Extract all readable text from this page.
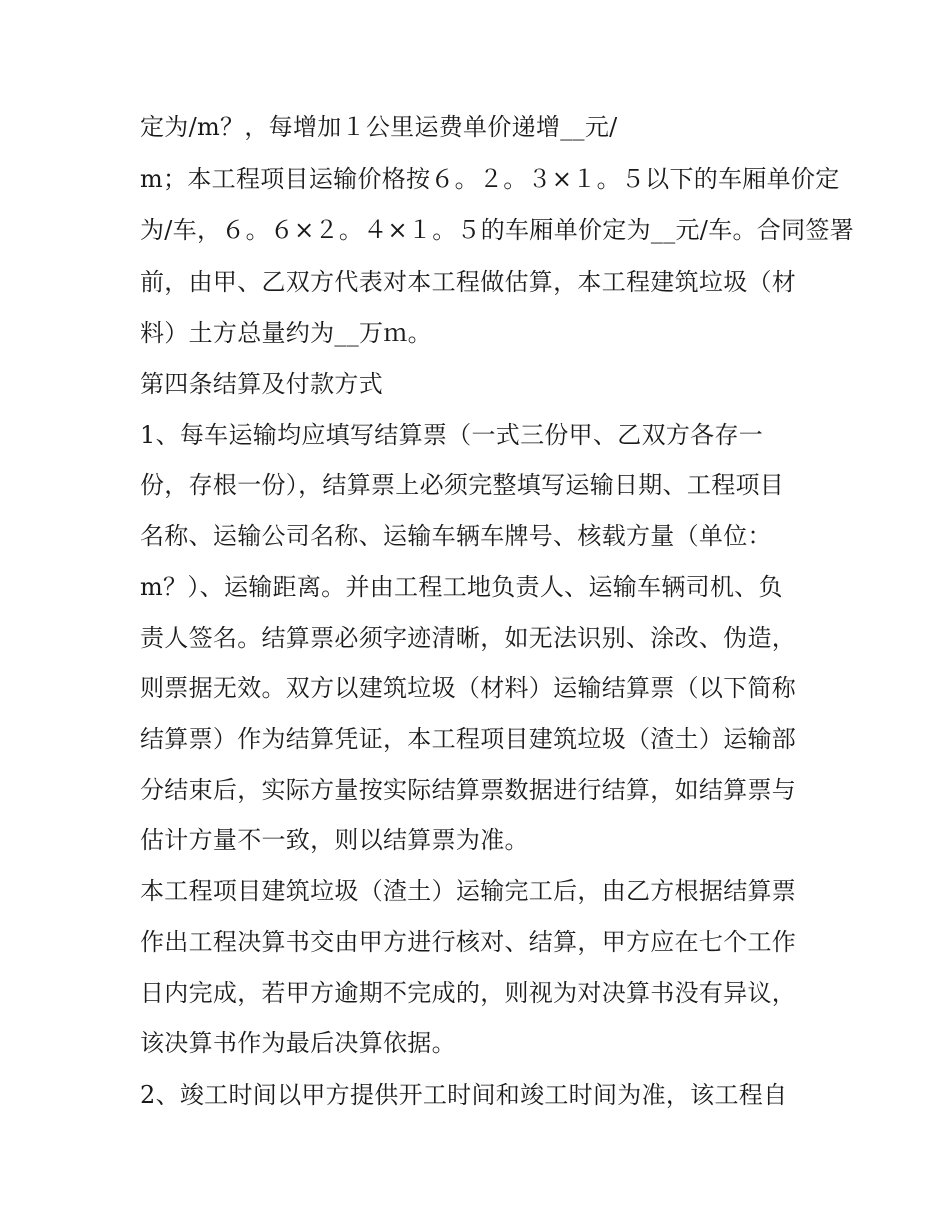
定为/m？，每增加１公里运费单价递增__元/
m；本工程项目运输价格按６。２。３×１。５以下的车厢单价定
为/车，６。６×２。４×１。５的车厢单价定为__元/车。合同签署
前，由甲、乙双方代表对本工程做估算，本工程建筑垃圾（材
料）土方总量约为__万ｍ。
第四条结算及付款方式
1、每车运输均应填写结算票（一式三份甲、乙双方各存一
份，存根一份），结算票上必须完整填写运输日期、工程项目
名称、运输公司名称、运输车辆车牌号、核载方量（单位：
m？）、运输距离。并由工程工地负责人、运输车辆司机、负
责人签名。结算票必须字迹清晰，如无法识别、涂改、伪造，
则票据无效。双方以建筑垃圾（材料）运输结算票（以下简称
结算票）作为结算凭证，本工程项目建筑垃圾（渣土）运输部
分结束后，实际方量按实际结算票数据进行结算，如结算票与
估计方量不一致，则以结算票为准。
本工程项目建筑垃圾（渣土）运输完工后，由乙方根据结算票
作出工程决算书交由甲方进行核对、结算，甲方应在七个工作
日内完成，若甲方逾期不完成的，则视为对决算书没有异议，
该决算书作为最后决算依据。
2、竣工时间以甲方提供开工时间和竣工时间为准，该工程自
